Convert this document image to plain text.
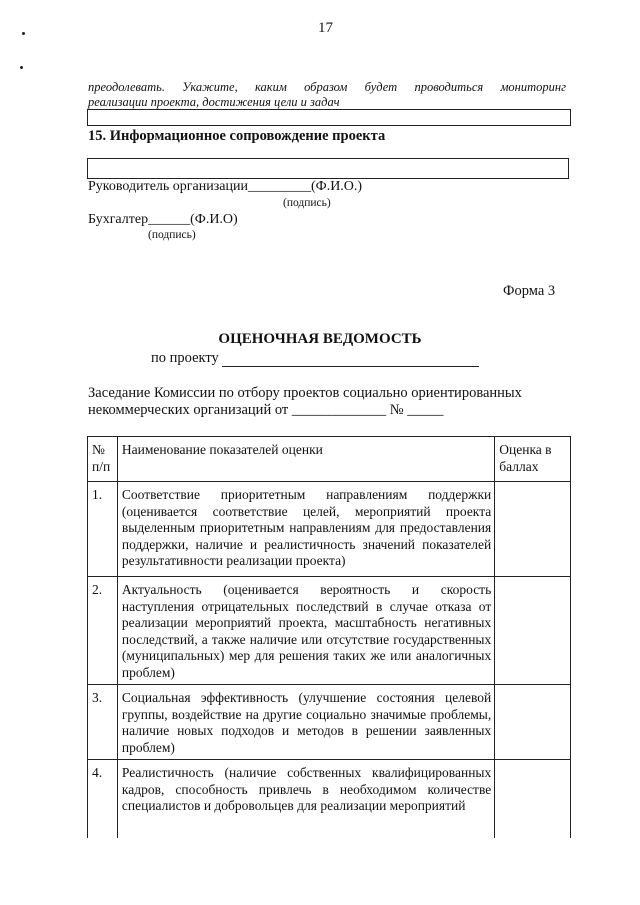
17
преодолевать. Укажите, каким образом будет проводиться мониторинг
реализации проекта, достижения цели и задач
15. Информационное сопровождение проекта
Руководитель организации_________(Ф.И.О.)
(подпись)
Бухгалтер______(Ф.И.О)
(подпись)
Форма 3
ОЦЕНОЧНАЯ ВЕДОМОСТЬ
по проекту
Заседание Комиссии по отбору проектов социально ориентированных
некоммерческих организаций от _____________ № _____
№ п/п	Наименование показателей оценки	Оценка в баллах
1.	Соответствие приоритетным направлениям поддержки (оценивается соответствие целей, мероприятий проекта выделенным приоритетным направлениям для предоставления поддержки, наличие и реалистичность значений показателей результативности реализации проекта)	
2.	Актуальность (оценивается вероятность и скорость наступления отрицательных последствий в случае отказа от реализации мероприятий проекта, масштабность негативных последствий, а также наличие или отсутствие государственных (муниципальных) мер для решения таких же или аналогичных проблем)	
3.	Социальная эффективность (улучшение состояния целевой группы, воздействие на другие социально значимые проблемы, наличие новых подходов и методов в решении заявленных проблем)	
4.	Реалистичность (наличие собственных квалифицированных кадров, способность привлечь в необходимом количестве специалистов и добровольцев для реализации мероприятий	
